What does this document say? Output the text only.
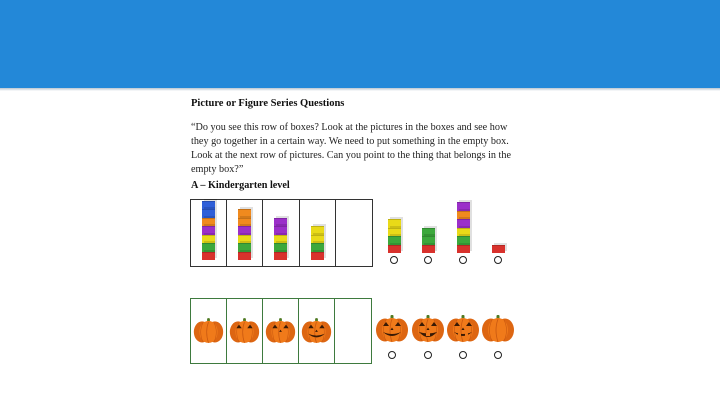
Picture or Figure Series Questions

“Do you see this row of boxes? Look at the pictures in the boxes and see how they go together in a certain way. We need to put something in the empty box. Look at the next row of pictures. Can you point to the thing that belongs in the empty box?”

A – Kindergarten level
